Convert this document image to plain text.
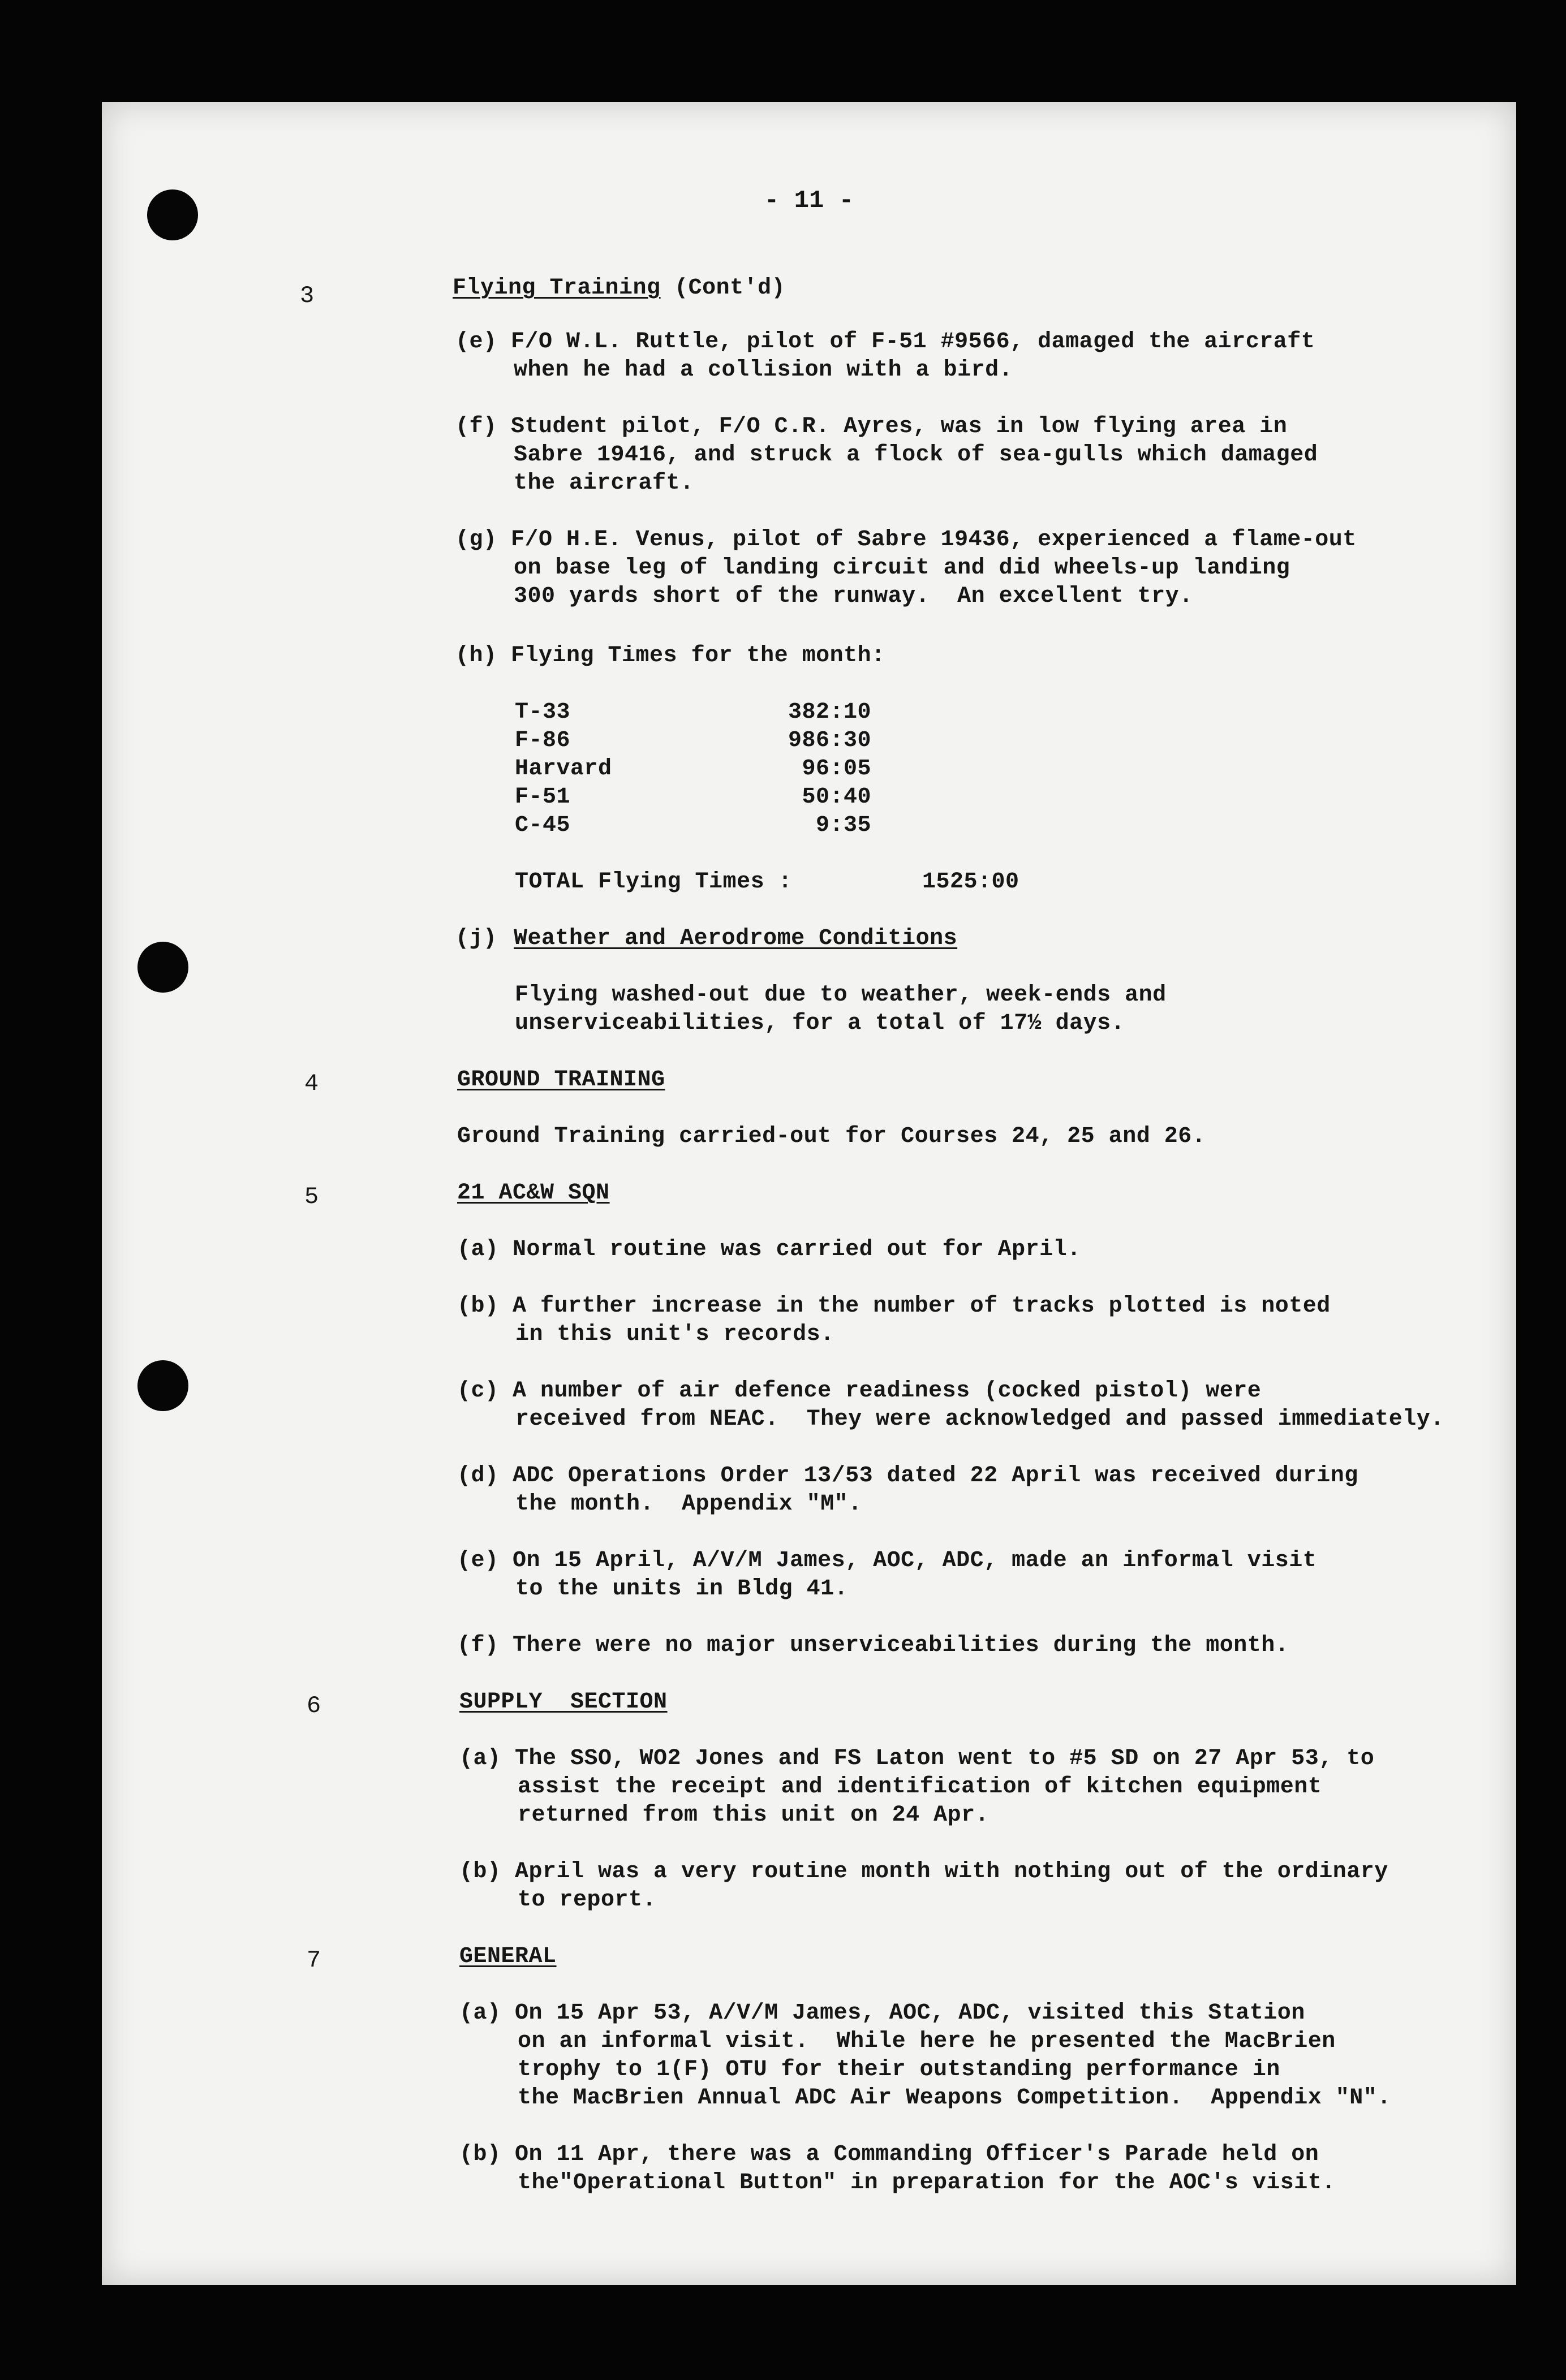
- 11 -
3	Flying Training (Cont'd)
(e) F/O W.L. Ruttle, pilot of F-51 #9566, damaged the aircraft
when he had a collision with a bird.
(f) Student pilot, F/O C.R. Ayres, was in low flying area in
Sabre 19416, and struck a flock of sea-gulls which damaged
the aircraft.
(g) F/O H.E. Venus, pilot of Sabre 19436, experienced a flame-out
on base leg of landing circuit and did wheels-up landing
300 yards short of the runway.  An excellent try.
(h) Flying Times for the month:
T-33	382:10
F-86	986:30
Harvard	96:05
F-51	50:40
C-45	9:35
TOTAL Flying Times :	1525:00
(j) Weather and Aerodrome Conditions
Flying washed-out due to weather, week-ends and
unserviceabilities, for a total of 17½ days.
4	GROUND TRAINING
Ground Training carried-out for Courses 24, 25 and 26.
5	21 AC&W SQN
(a) Normal routine was carried out for April.
(b) A further increase in the number of tracks plotted is noted
in this unit's records.
(c) A number of air defence readiness (cocked pistol) were
received from NEAC.  They were acknowledged and passed immediately.
(d) ADC Operations Order 13/53 dated 22 April was received during
the month.  Appendix "M".
(e) On 15 April, A/V/M James, AOC, ADC, made an informal visit
to the units in Bldg 41.
(f) There were no major unserviceabilities during the month.
6	SUPPLY  SECTION
(a) The SSO, WO2 Jones and FS Laton went to #5 SD on 27 Apr 53, to
assist the receipt and identification of kitchen equipment
returned from this unit on 24 Apr.
(b) April was a very routine month with nothing out of the ordinary
to report.
7	GENERAL
(a) On 15 Apr 53, A/V/M James, AOC, ADC, visited this Station
on an informal visit.  While here he presented the MacBrien
trophy to 1(F) OTU for their outstanding performance in
the MacBrien Annual ADC Air Weapons Competition.  Appendix "N".
(b) On 11 Apr, there was a Commanding Officer's Parade held on
the"Operational Button" in preparation for the AOC's visit.
